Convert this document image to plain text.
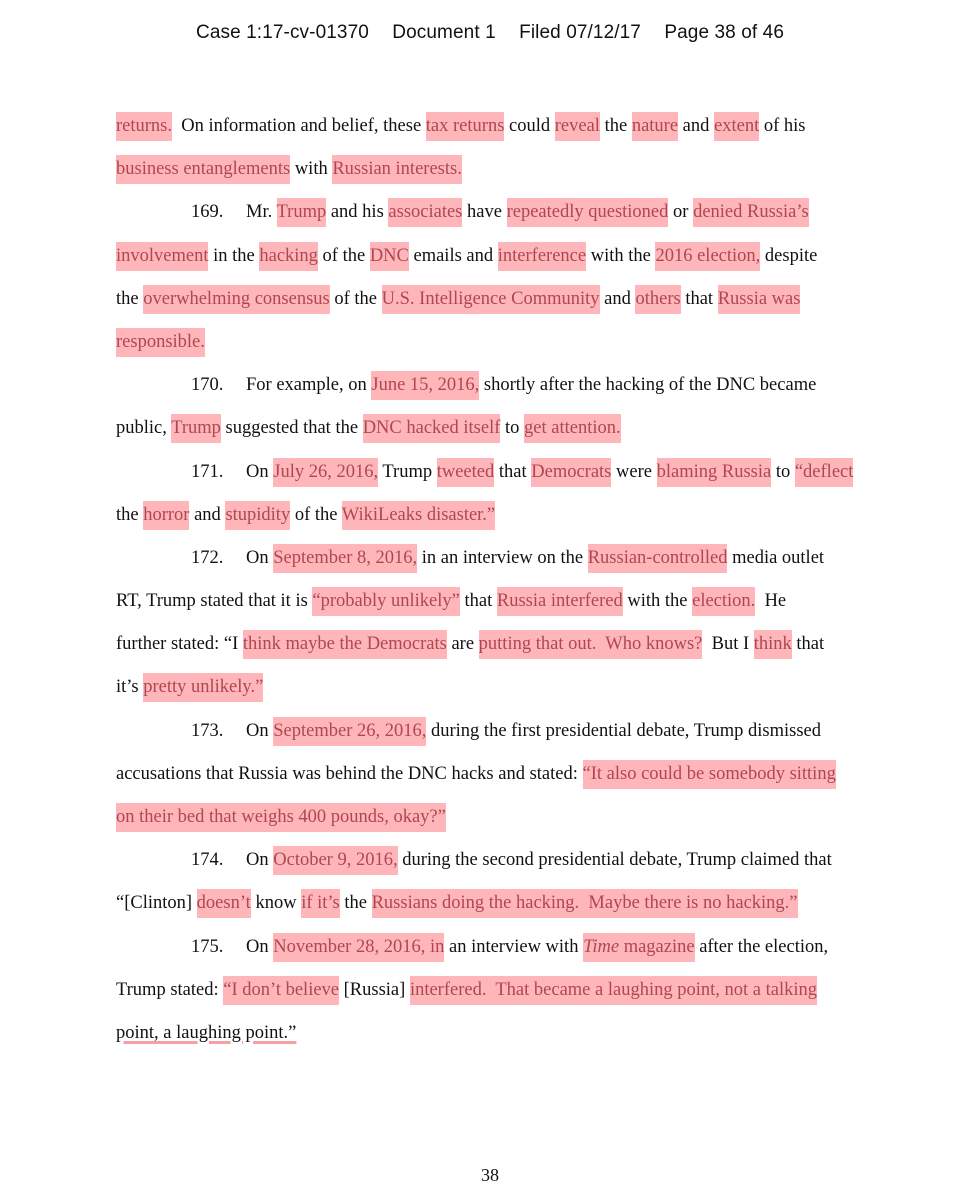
Case 1:17-cv-01370 Document 1 Filed 07/12/17 Page 38 of 46
returns.  On information and belief, these tax returns could reveal the nature and extent of his
business entanglements with Russian interests.
169. Mr. Trump and his associates have repeatedly questioned or denied Russia’s
involvement in the hacking of the DNC emails and interference with the 2016 election, despite
the overwhelming consensus of the U.S. Intelligence Community and others that Russia was
responsible.
170. For example, on June 15, 2016, shortly after the hacking of the DNC became
public, Trump suggested that the DNC hacked itself to get attention.
171. On July 26, 2016, Trump tweeted that Democrats were blaming Russia to “deflect
the horror and stupidity of the WikiLeaks disaster.”
172. On September 8, 2016, in an interview on the Russian-controlled media outlet
RT, Trump stated that it is “probably unlikely” that Russia interfered with the election.  He
further stated: “I think maybe the Democrats are putting that out.  Who knows?  But I think that
it’s pretty unlikely.”
173. On September 26, 2016, during the first presidential debate, Trump dismissed
accusations that Russia was behind the DNC hacks and stated: “It also could be somebody sitting
on their bed that weighs 400 pounds, okay?”
174. On October 9, 2016, during the second presidential debate, Trump claimed that
“[Clinton] doesn’t know if it’s the Russians doing the hacking.  Maybe there is no hacking.”
175. On November 28, 2016, in an interview with Time magazine after the election,
Trump stated: “I don’t believe [Russia] interfered.  That became a laughing point, not a talking
point, a laughing point.”
38
